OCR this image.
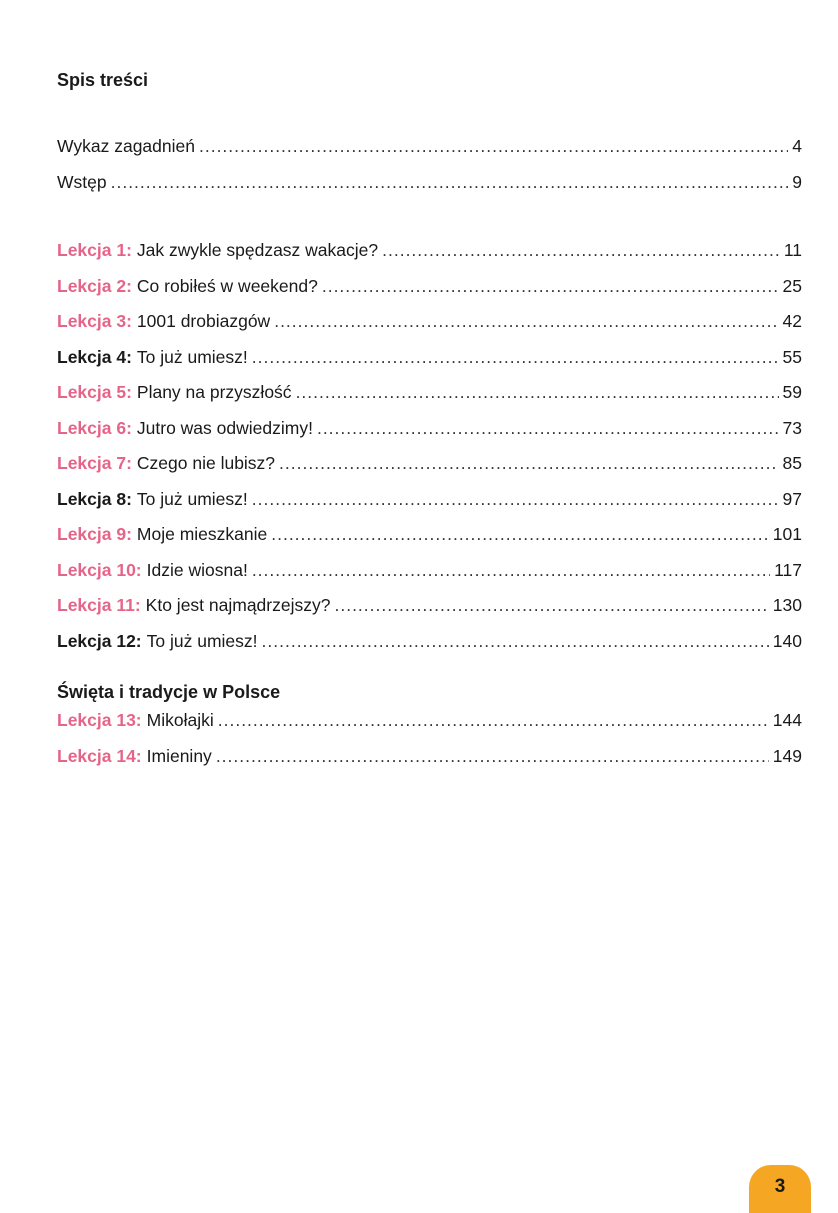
Spis treści
Wykaz zagadnień .....	4
Wstęp .....	9
Lekcja 1: Jak zwykle spędzasz wakacje? .....	11
Lekcja 2: Co robiłeś w weekend? .....	25
Lekcja 3: 1001 drobiazgów .....	42
Lekcja 4: To już umiesz! .....	55
Lekcja 5: Plany na przyszłość .....	59
Lekcja 6: Jutro was odwiedzimy! .....	73
Lekcja 7: Czego nie lubisz? .....	85
Lekcja 8: To już umiesz! .....	97
Lekcja 9: Moje mieszkanie .....	101
Lekcja 10: Idzie wiosna! .....	117
Lekcja 11: Kto jest najmądrzejszy? .....	130
Lekcja 12: To już umiesz! .....	140
Święta i tradycje w Polsce
Lekcja 13: Mikołajki .....	144
Lekcja 14: Imieniny .....	149
3
